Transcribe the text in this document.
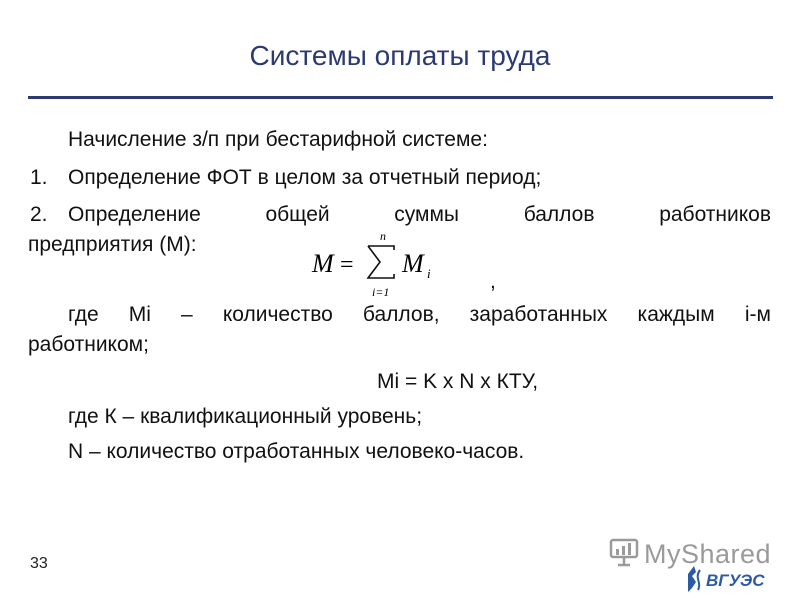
Системы оплаты труда
Начисление з/п при бестарифной системе:
1. Определение ФОТ в целом за отчетный период;
2. Определение	общей	суммы	баллов	работников
предприятия (М):
M =
n
i=1
M i	,
где Mi – количество баллов, заработанных каждым i-м
работником;
Mi = K x N x КТУ,
где К – квалификационный уровень;
N – количество отработанных человеко-часов.
33	MyShared
ВГУЭС
